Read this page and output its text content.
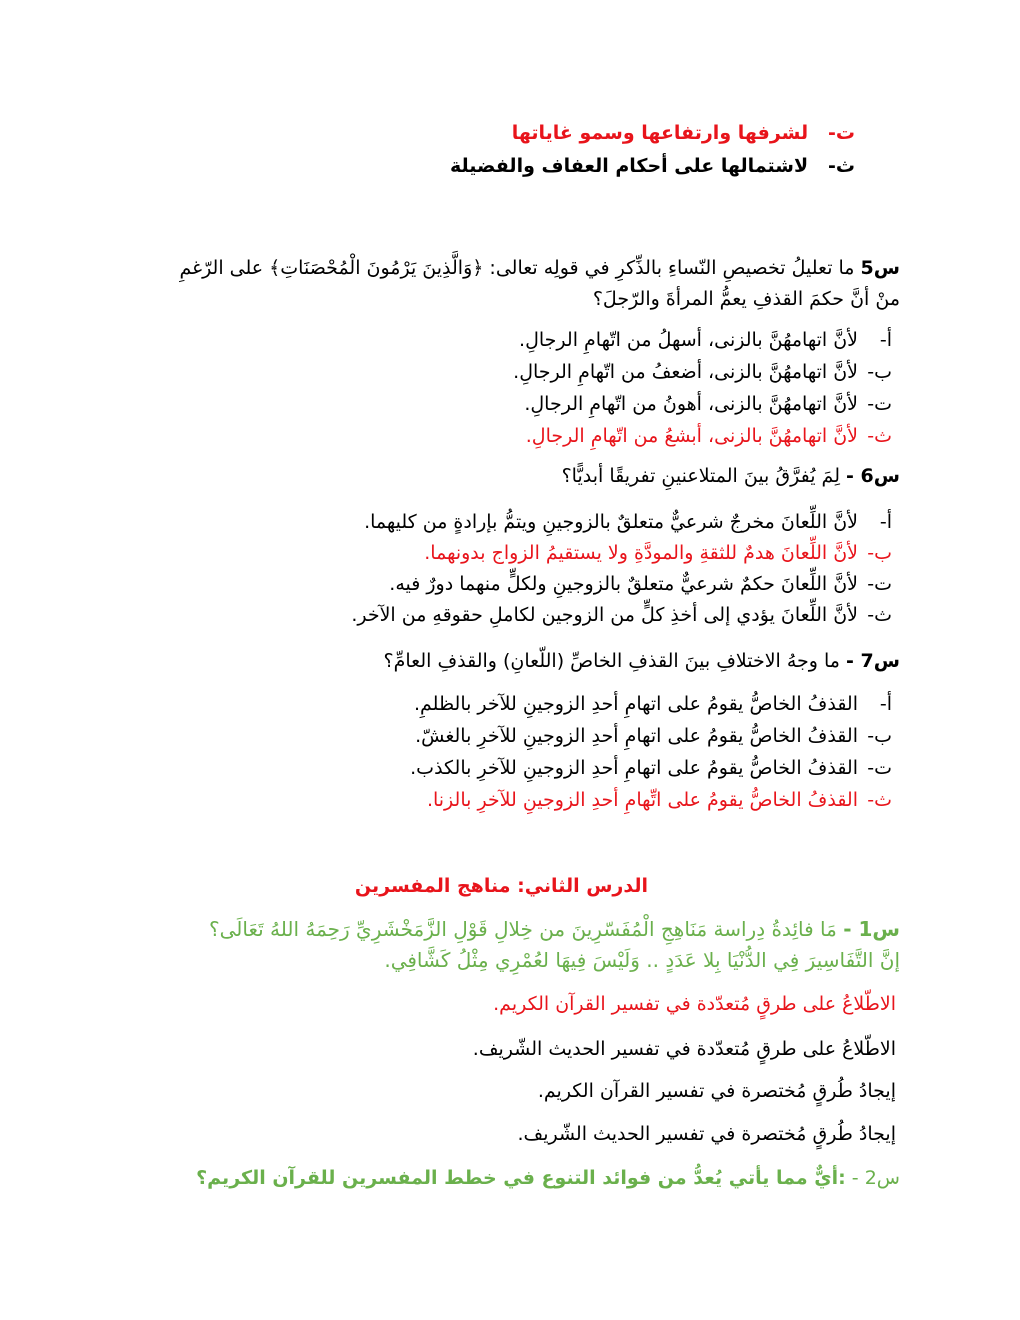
ت-   لشرفها وارتفاعها وسمو غاياتها
ث-   لاشتمالها على أحكام العفاف والفضيلة
س5 ما تعليلُ تخصيصِ النّساءِ بالذِّكرِ في قولِه تعالى: ﴿وَالَّذِينَ يَرْمُونَ الْمُحْصَنَاتِ﴾ على الرّغمِ
منْ أنَّ حكمَ القذفِ يعمُّ المرأةَ والرّجلَ؟
أ-لأنَّ اتهامهُنَّ بالزنى، أسهلُ من اتّهامِ الرجالِ.
ب-لأنَّ اتهامهُنَّ بالزنى، أضعفُ من اتّهامِ الرجالِ.
ت-لأنَّ اتهامهُنَّ بالزنى، أهونُ من اتّهامِ الرجالِ.
ث-لأنَّ اتهامهُنَّ بالزنى، أبشعُ من اتّهامِ الرجالِ.
س6 - لِمَ يُفرَّقُ بينَ المتلاعنينِ تفريقًا أبديًّا؟
أ-لأنَّ اللِّعانَ مخرجٌ شرعيٌّ متعلقٌ بالزوجينِ ويتمُّ بإرادةٍ من كليهما.
ب-لأنَّ اللِّعانَ هدمٌ للثقةِ والمودَّةِ ولا يستقيمُ الزواج بدونهما.
ت-لأنَّ اللِّعانَ حكمٌ شرعيٌّ متعلقٌ بالزوجينِ ولكلٍّ منهما دورٌ فيه.
ث-لأنَّ اللِّعانَ يؤدي إلى أخذِ كلٍّ من الزوجين لكاملِ حقوقهِ من الآخر.
س7 - ما وجهُ الاختلافِ بينَ القذفِ الخاصِّ (اللّعانِ) والقذفِ العامِّ؟
أ-القذفُ الخاصُّ يقومُ على اتهامِ أحدِ الزوجينِ للآخر بالظلمِ.
ب-القذفُ الخاصُّ يقومُ على اتهامِ أحدِ الزوجينِ للآخرِ بالغشّ.
ت-القذفُ الخاصُّ يقومُ على اتهامِ أحدِ الزوجينِ للآخرِ بالكذب.
ث-القذفُ الخاصُّ يقومُ على اتِّهامِ أحدِ الزوجينِ للآخرِ بالزنا.
الدرس الثاني: مناهج المفسرين
س1 - مَا فائِدةُ دِراسة مَنَاهِجِ الْمُفَسّرِينَ من خِلالِ قَوْلِ الزَّمَخْشَرِيِّ رَحِمَهُ اللهُ تَعَالَى؟
إنَّ التَّفَاسِيرَ فِي الدُّنْيَا بِلا عَدَدٍ .. وَلَيْسَ فِيهَا لعُمْرِي مِثْلُ كَشَّافِي.
الاطّلاعُ على طرقٍ مُتعدّدة في تفسير القرآن الكريم.
الاطّلاعُ على طرقٍ مُتعدّدة في تفسير الحديث الشّريف.
إيجادُ طُرقٍ مُختصرة في تفسير القرآن الكريم.
إيجادُ طُرقٍ مُختصرة في تفسير الحديث الشّريف.
س2 - :أيٌّ مما يأتي يُعدُّ من فوائد التنوع في خطط المفسرين للقرآن الكريم؟
